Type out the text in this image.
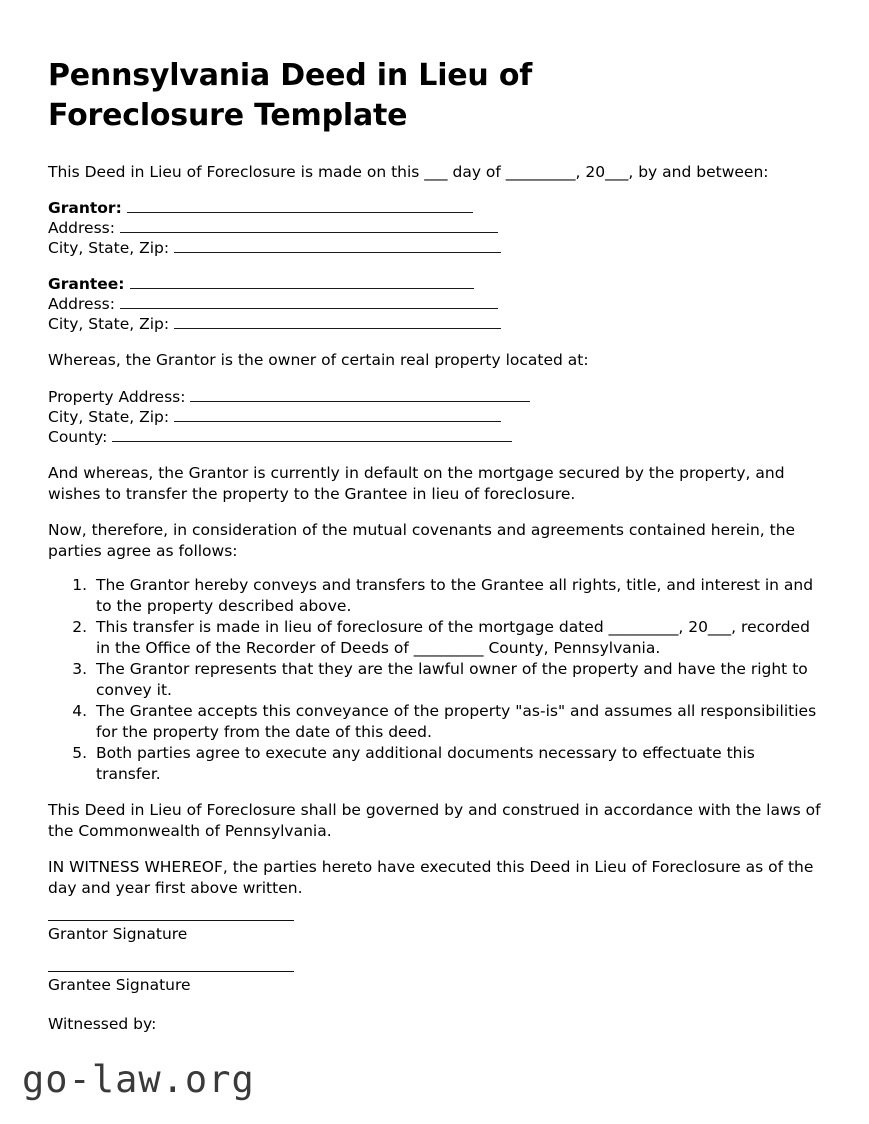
Pennsylvania Deed in Lieu of Foreclosure Template

This Deed in Lieu of Foreclosure is made on this ___ day of _________, 20___, by and between:

Grantor:
Address:
City, State, Zip:
Grantee:
Address:
City, State, Zip:

Whereas, the Grantor is the owner of certain real property located at:

Property Address:
City, State, Zip:
County:

And whereas, the Grantor is currently in default on the mortgage secured by the property, and wishes to transfer the property to the Grantee in lieu of foreclosure.

Now, therefore, in consideration of the mutual covenants and agreements contained herein, the parties agree as follows:

1. The Grantor hereby conveys and transfers to the Grantee all rights, title, and interest in and to the property described above.
2. This transfer is made in lieu of foreclosure of the mortgage dated _________, 20___, recorded in the Office of the Recorder of Deeds of _________ County, Pennsylvania.
3. The Grantor represents that they are the lawful owner of the property and have the right to convey it.
4. The Grantee accepts this conveyance of the property "as-is" and assumes all responsibilities for the property from the date of this deed.
5. Both parties agree to execute any additional documents necessary to effectuate this transfer.

This Deed in Lieu of Foreclosure shall be governed by and construed in accordance with the laws of the Commonwealth of Pennsylvania.

IN WITNESS WHEREOF, the parties hereto have executed this Deed in Lieu of Foreclosure as of the day and year first above written.

Grantor Signature

Grantee Signature

Witnessed by:

go-law.org
